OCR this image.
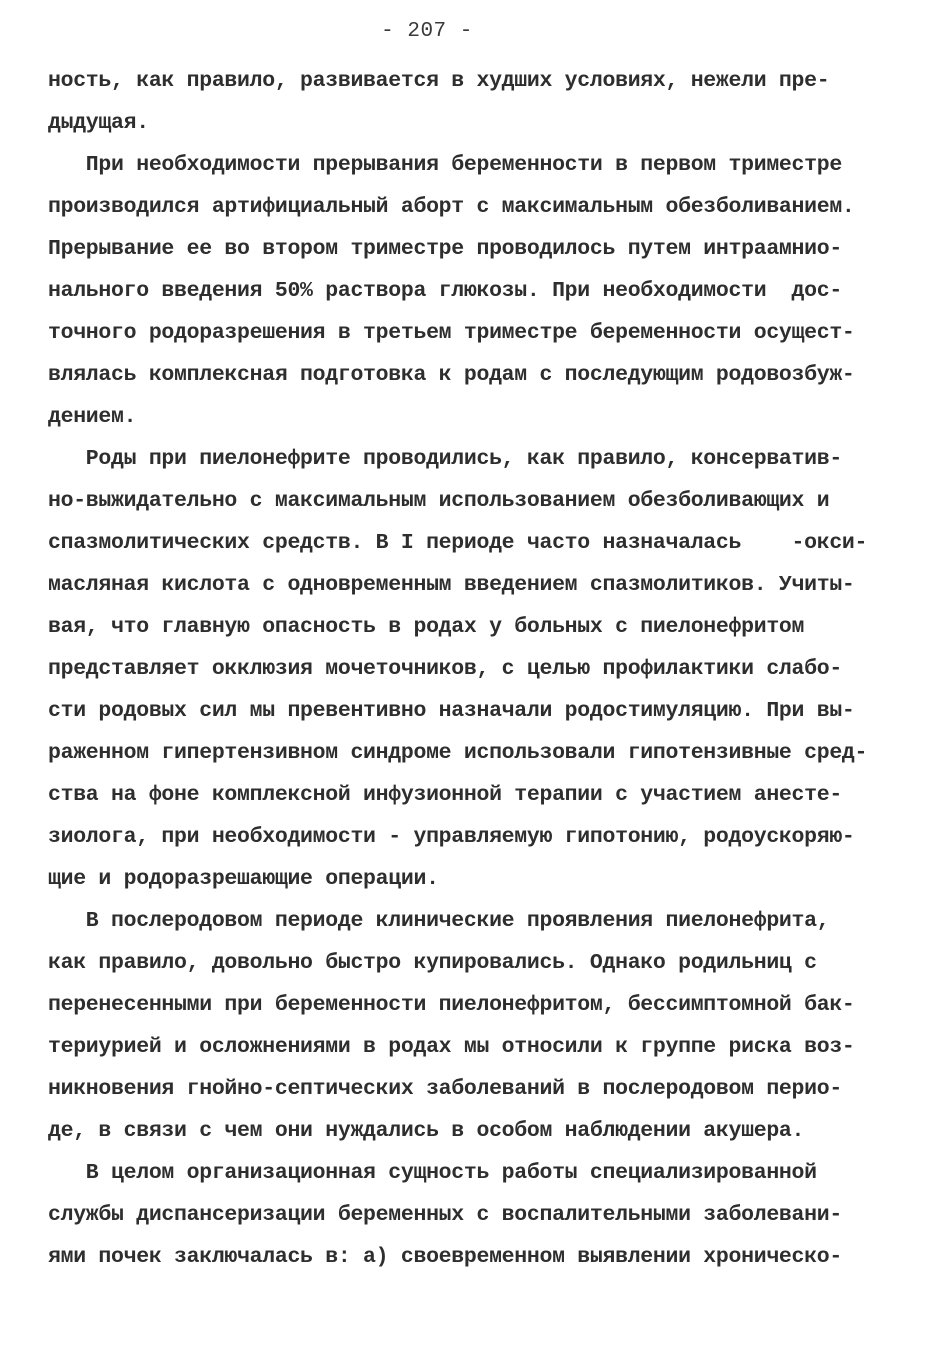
- 207 -
ность, как правило, развивается в худших условиях, нежели пре-
дыдущая.
При необходимости прерывания беременности в первом триместре
производился артифициальный аборт с максимальным обезболиванием.
Прерывание ее во втором триместре проводилось путем интраамнио-
нального введения 50% раствора глюкозы. При необходимости  дос-
точного родоразрешения в третьем триместре беременности осущест-
влялась комплексная подготовка к родам с последующим родовозбуж-
дением.
Роды при пиелонефрите проводились, как правило, консерватив-
но-выжидательно с максимальным использованием обезболивающих и
спазмолитических средств. В I периоде часто назначалась    -окси-
масляная кислота с одновременным введением спазмолитиков. Учиты-
вая, что главную опасность в родах у больных с пиелонефритом
представляет окклюзия мочеточников, с целью профилактики слабо-
сти родовых сил мы превентивно назначали родостимуляцию. При вы-
раженном гипертензивном синдроме использовали гипотензивные сред-
ства на фоне комплексной инфузионной терапии с участием анесте-
зиолога, при необходимости - управляемую гипотонию, родоускоряю-
щие и родоразрешающие операции.
В послеродовом периоде клинические проявления пиелонефрита,
как правило, довольно быстро купировались. Однако родильниц с
перенесенными при беременности пиелонефритом, бессимптомной бак-
териурией и осложнениями в родах мы относили к группе риска воз-
никновения гнойно-септических заболеваний в послеродовом перио-
де, в связи с чем они нуждались в особом наблюдении акушера.
В целом организационная сущность работы специализированной
службы диспансеризации беременных с воспалительными заболевани-
ями почек заключалась в: а) своевременном выявлении хроническо-
